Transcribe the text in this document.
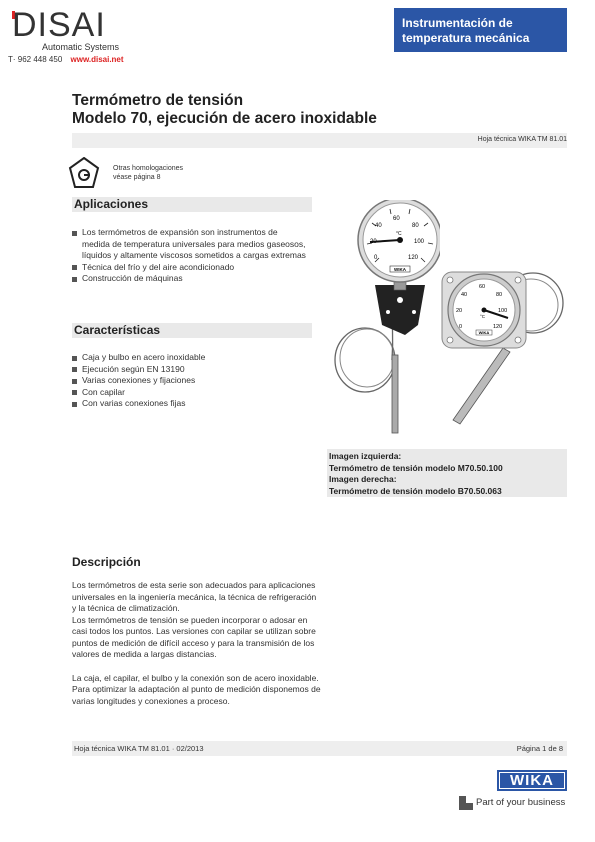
DISAI
Automatic Systems
T· 962 448 450 www.disai.net
Instrumentación de
temperatura mecánica
Termómetro de tensión
Modelo 70, ejecución de acero inoxidable
Hoja técnica WIKA TM 81.01
Otras homologaciones
véase página 8
Aplicaciones
Los termómetros de expansión son instrumentos de medida de temperatura universales para medios gaseosos, líquidos y altamente viscosos sometidos a cargas extremas
Técnica del frío y del aire acondicionado
Construcción de máquinas
Características
Caja y bulbo en acero inoxidable
Ejecución según EN 13190
Varias conexiones y fijaciones
Con capilar
Con varias conexiones fijas
0
40
60
80
100
120
°C
WIKA
0
20
40
60
80
100
120
°C
WIKA
Imagen izquierda:
Termómetro de tensión modelo M70.50.100
Imagen derecha:
Termómetro de tensión modelo B70.50.063
Descripción

Los termómetros de esta serie son adecuados para aplicaciones universales en la ingeniería mecánica, la técnica de refrigeración y la técnica de climatización.

Los termómetros de tensión se pueden incorporar o adosar en casi todos los puntos. Las versiones con capilar se utilizan sobre puntos de medición de difícil acceso y para la transmisión de los valores de medida a largas distancias.

La caja, el capilar, el bulbo y la conexión son de acero inoxidable. Para optimizar la adaptación al punto de medición disponemos de varias longitudes y conexiones a proceso.

Hoja técnica WIKA TM 81.01 · 02/2013	Página 1 de 8
WIKA
Part of your business
